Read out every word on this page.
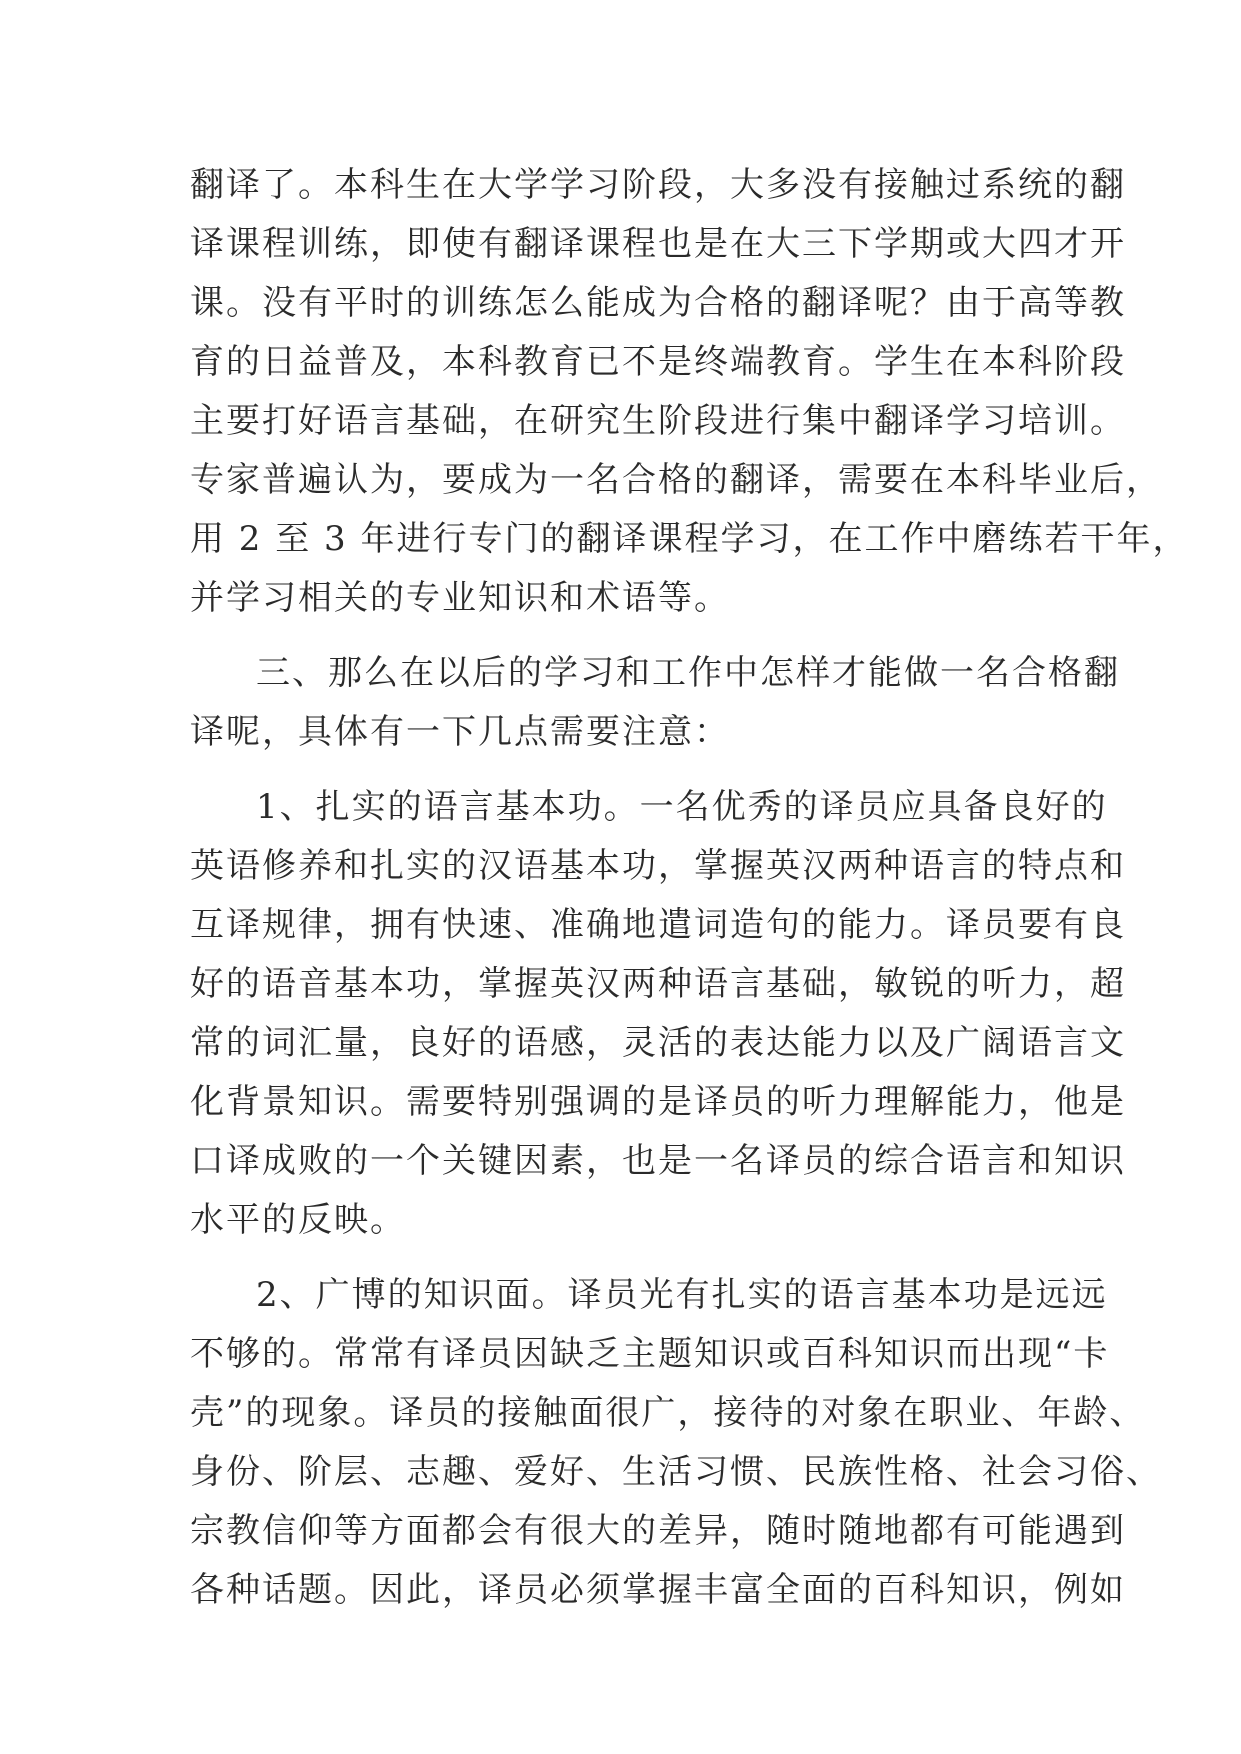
翻译了。本科生在大学学习阶段，大多没有接触过系统的翻
译课程训练，即使有翻译课程也是在大三下学期或大四才开
课。没有平时的训练怎么能成为合格的翻译呢？由于高等教
育的日益普及，本科教育已不是终端教育。学生在本科阶段
主要打好语言基础，在研究生阶段进行集中翻译学习培训。
专家普遍认为，要成为一名合格的翻译，需要在本科毕业后，
用 2 至 3 年进行专门的翻译课程学习，在工作中磨练若干年，
并学习相关的专业知识和术语等。
三、那么在以后的学习和工作中怎样才能做一名合格翻
译呢，具体有一下几点需要注意：
1、扎实的语言基本功。一名优秀的译员应具备良好的
英语修养和扎实的汉语基本功，掌握英汉两种语言的特点和
互译规律，拥有快速、准确地遣词造句的能力。译员要有良
好的语音基本功，掌握英汉两种语言基础，敏锐的听力，超
常的词汇量，良好的语感，灵活的表达能力以及广阔语言文
化背景知识。需要特别强调的是译员的听力理解能力，他是
口译成败的一个关键因素，也是一名译员的综合语言和知识
水平的反映。
2、广博的知识面。译员光有扎实的语言基本功是远远
不够的。常常有译员因缺乏主题知识或百科知识而出现“卡
壳”的现象。译员的接触面很广，接待的对象在职业、年龄、
身份、阶层、志趣、爱好、生活习惯、民族性格、社会习俗、
宗教信仰等方面都会有很大的差异，随时随地都有可能遇到
各种话题。因此，译员必须掌握丰富全面的百科知识，例如
